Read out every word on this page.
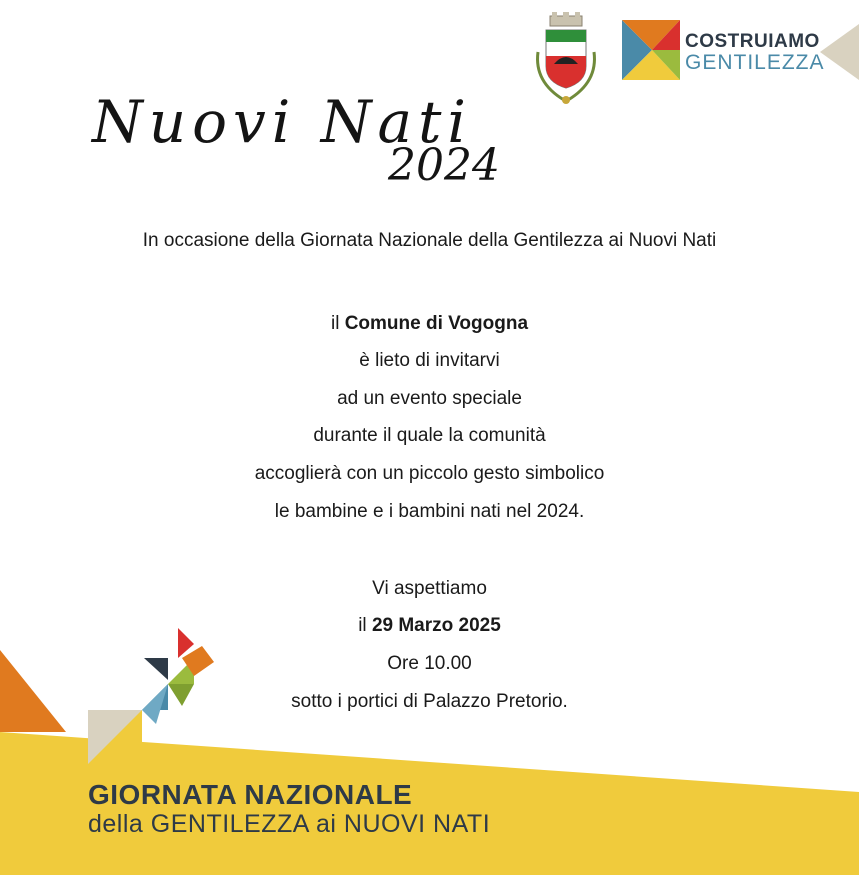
COSTRUIAMO
GENTILEZZA
Nuovi Nati
2024
In occasione della Giornata Nazionale della Gentilezza ai Nuovi Nati
il Comune di Vogogna
è lieto di invitarvi
ad un evento speciale
durante il quale la comunità
accoglierà con un piccolo gesto simbolico
le bambine e i bambini nati nel 2024.
Vi aspettiamo
il 29 Marzo 2025
Ore 10.00
sotto i portici di Palazzo Pretorio.
GIORNATA NAZIONALE
della GENTILEZZA ai NUOVI NATI
